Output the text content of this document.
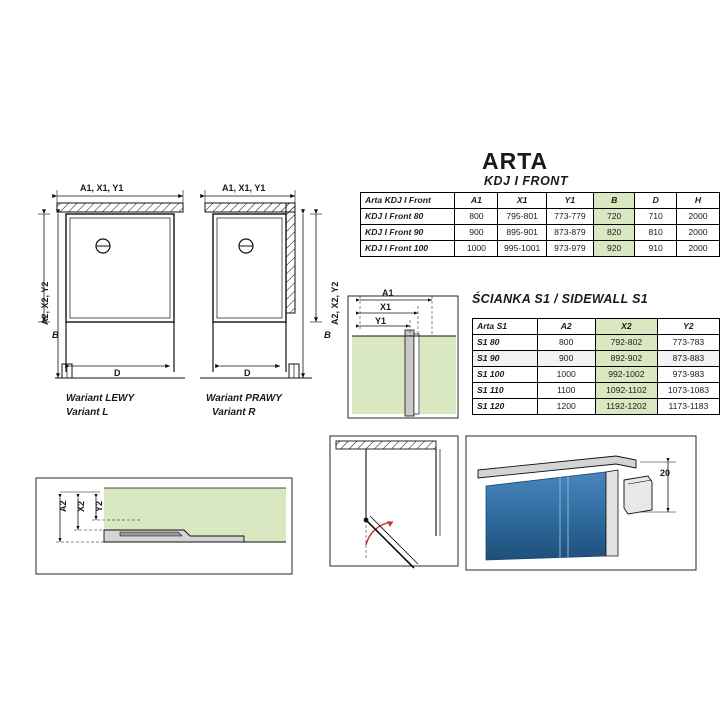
ARTA
KDJ I FRONT
A1, X1, Y1
A2, X2, Y2
B
D
A1, X1, Y1
A2, X2, Y2
B
D
Wariant LEWY
Variant L
Wariant PRAWY
Variant R
A1
X1
Y1
A2 X2 Y2
20
ŚCIANKA S1 / SIDEWALL S1
Arta KDJ I Front	A1	X1	Y1	B	D	H
KDJ I Front 80	800	795-801	773-779	720	710	2000
KDJ I Front 90	900	895-901	873-879	820	810	2000
KDJ I Front 100	1000	995-1001	973-979	920	910	2000
Arta S1	A2	X2	Y2
S1 80	800	792-802	773-783
S1 90	900	892-902	873-883
S1 100	1000	992-1002	973-983
S1 110	1100	1092-1102	1073-1083
S1 120	1200	1192-1202	1173-1183
